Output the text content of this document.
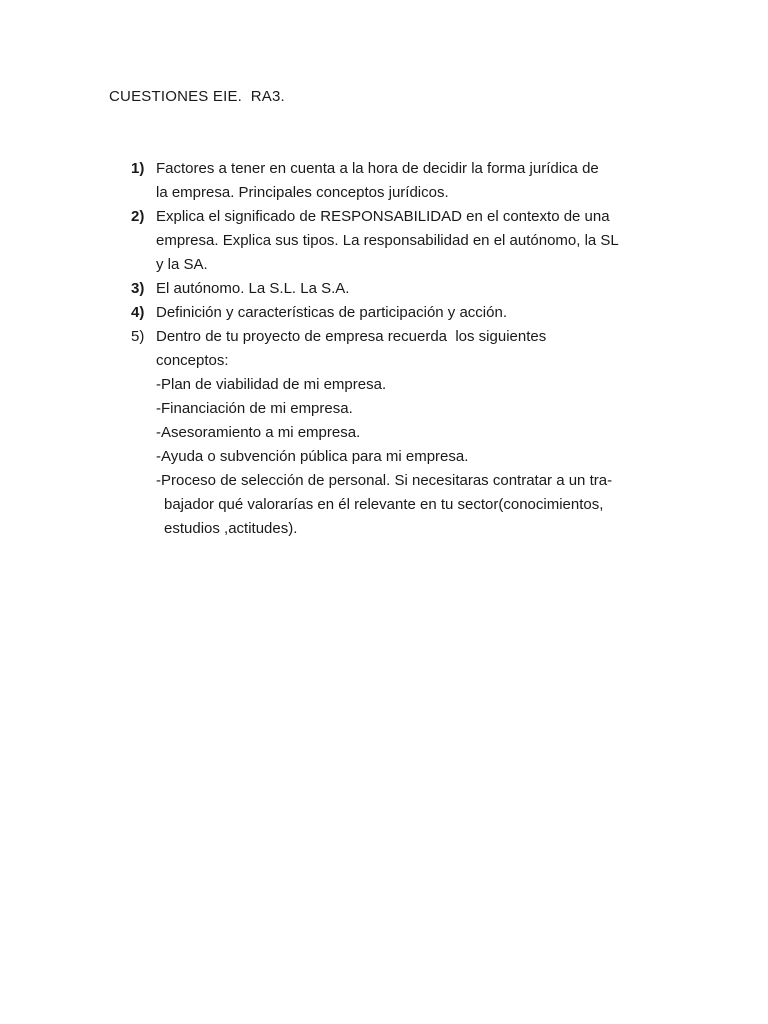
CUESTIONES EIE.  RA3.
1) Factores a tener en cuenta a la hora de decidir la forma jurídica de
la empresa. Principales conceptos jurídicos.
2) Explica el significado de RESPONSABILIDAD en el contexto de una
empresa. Explica sus tipos. La responsabilidad en el autónomo, la SL
y la SA.
3) El autónomo. La S.L. La S.A.
4) Definición y características de participación y acción.
5) Dentro de tu proyecto de empresa recuerda  los siguientes
conceptos:
-Plan de viabilidad de mi empresa.
-Financiación de mi empresa.
-Asesoramiento a mi empresa.
-Ayuda o subvención pública para mi empresa.
-Proceso de selección de personal. Si necesitaras contratar a un tra-
bajador qué valorarías en él relevante en tu sector(conocimientos,
estudios ,actitudes).
